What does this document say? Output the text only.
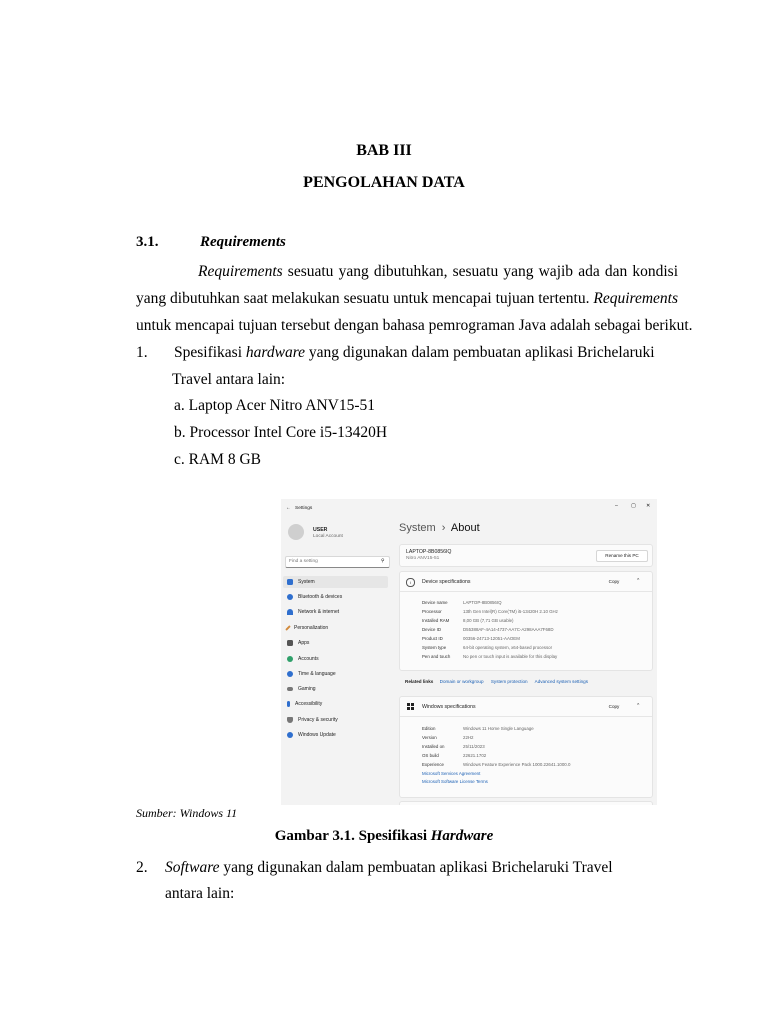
BAB III
PENGOLAHAN DATA
3.1.	Requirements
Requirements sesuatu yang dibutuhkan, sesuatu yang wajib ada dan kondisi
yang dibutuhkan saat melakukan sesuatu untuk mencapai tujuan tertentu. Requirements
untuk mencapai tujuan tersebut dengan bahasa pemrograman Java adalah sebagai berikut.
1. Spesifikasi hardware yang digunakan dalam pembuatan aplikasi Brichelaruki
Travel antara lain:
a. Laptop Acer Nitro ANV15-51
b. Processor Intel Core i5-13420H
c. RAM 8 GB
← Settings	–	▢ ✕
USER
Local Account
Find a setting	⚲
System
Bluetooth & devices
Network & internet
Personalization
Apps
Accounts
Time & language
Gaming
Accessibility
Privacy & security
Windows Update
System › About
LAPTOP-8B0856IQ
Nitro ANV15-51
Rename this PC
i	Device specifications	Copy	⌃
Device name	LAPTOP-8B0856IQ
Processor	13th Gen Intel(R) Core(TM) i5-13420H 2.10 GHz
Installed RAM	8,00 GB (7,71 GB usable)
Device ID	D55388AF-4A14-4737-AA7C-A298AAA7F68D
Product ID	00356-24713-12051-AAOEM
System type	64-bit operating system, x64-based processor
Pen and touch	No pen or touch input is available for this display
Related links Domain or workgroup System protection Advanced system settings
Windows specifications	Copy	⌃
Edition	Windows 11 Home Single Language
Version	22H2
Installed on	25/11/2023
OS build	22621.1702
Experience	Windows Feature Experience Pack 1000.22641.1000.0
Microsoft Services Agreement
Microsoft Software License Terms
Sumber: Windows 11
Gambar 3.1. Spesifikasi Hardware
2. Software yang digunakan dalam pembuatan aplikasi Brichelaruki Travel
antara lain:
